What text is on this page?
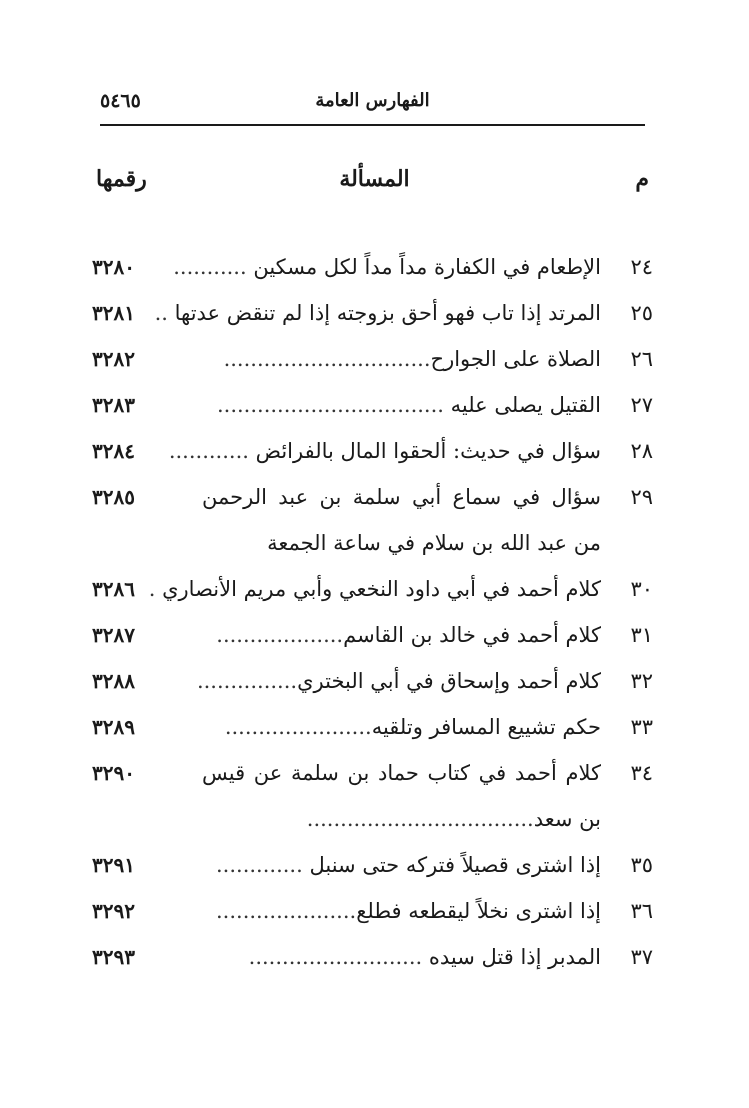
الفهارس العامة
٥٤٦٥
م
المسألة
رقمها
٢٤
الإطعام في الكفارة مداً مداً لكل مسكين ...........
٣٢٨٠
٢٥
المرتد إذا تاب فهو أحق بزوجته إذا لم تنقض عدتها ..
٣٢٨١
٢٦
الصلاة على الجوارح...............................
٣٢٨٢
٢٧
القتيل يصلى عليه ..................................
٣٢٨٣
٢٨
سؤال في حديث: ألحقوا المال بالفرائض ............
٣٢٨٤
٢٩
سؤال في سماع أبي سلمة بن عبد الرحمن من عبد الله بن سلام في ساعة الجمعة
٣٢٨٥
٣٠
كلام أحمد في أبي داود النخعي وأبي مريم الأنصاري .
٣٢٨٦
٣١
كلام أحمد في خالد بن القاسم...................
٣٢٨٧
٣٢
كلام أحمد وإسحاق في أبي البختري...............
٣٢٨٨
٣٣
حكم تشييع المسافر وتلقيه......................
٣٢٨٩
٣٤
كلام أحمد في كتاب حماد بن سلمة عن قيس بن سعد..................................
٣٢٩٠
٣٥
إذا اشترى قصيلاً فتركه حتى سنبل .............
٣٢٩١
٣٦
إذا اشترى نخلاً ليقطعه فطلع.....................
٣٢٩٢
٣٧
المدبر إذا قتل سيده ..........................
٣٢٩٣
